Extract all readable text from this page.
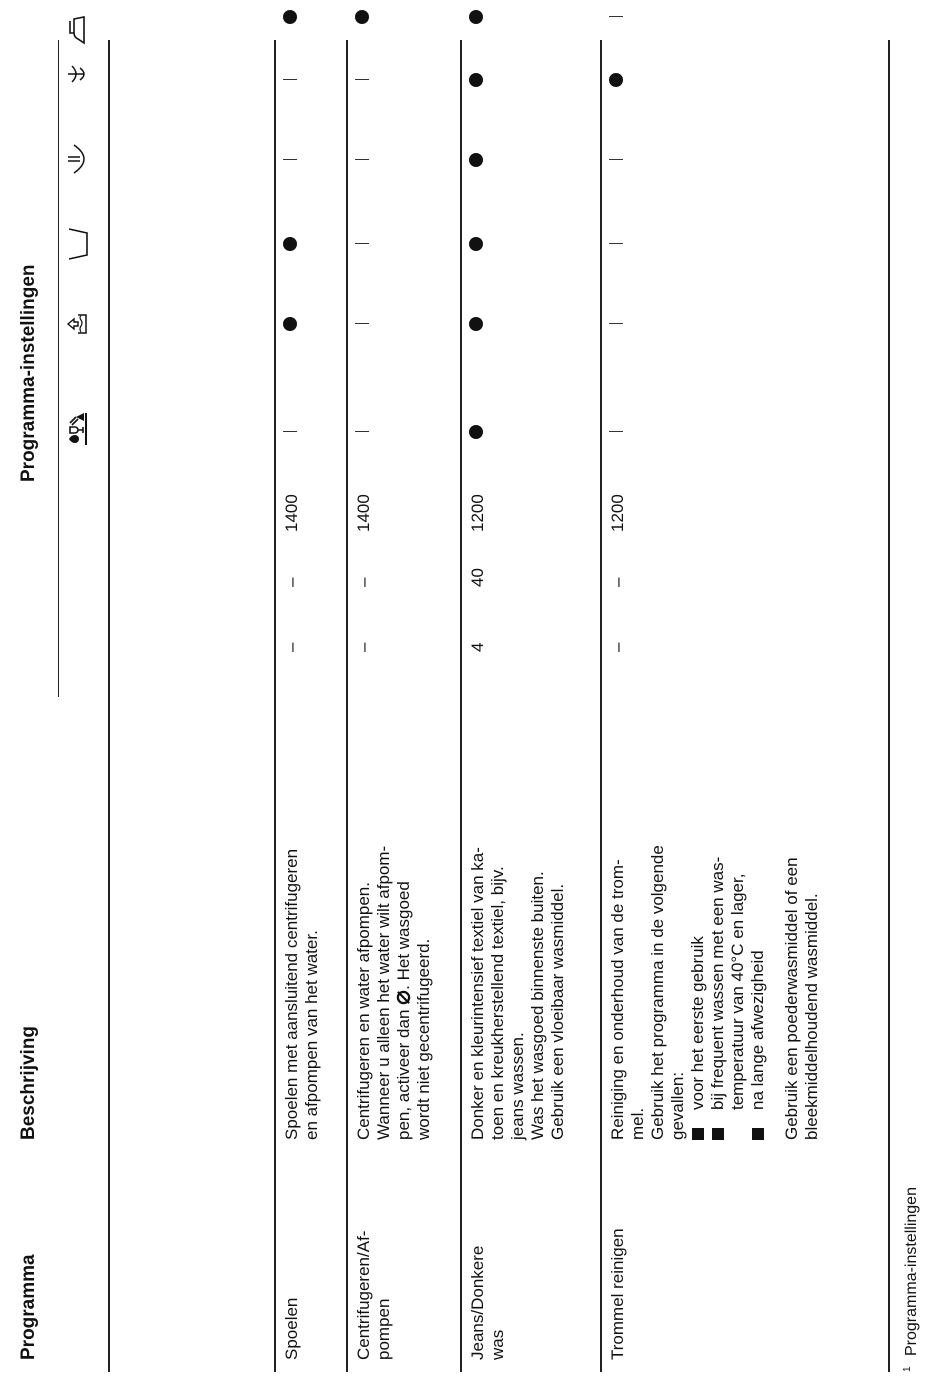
Programma
Beschrijving
Programma-instellingen
Spoelen

Spoelen met aansluitend centrifugeren en afpompen van het water.

–
–
1400
Centrifugeren/Af- pompen

Centrifugeren en water afpompen. Wanneer u alleen het water wilt afpom- pen, activeer dan . Het wasgoed

wordt niet gecentrifugeerd.

–
–
1400
Jeans/Donkere was

Donker en kleurintensief textiel van ka- toen en kreukherstellend textiel, bijv. jeans wassen. Was het wasgoed binnenste buiten. Gebruik een vloeibaar wasmiddel.

4
40
1200
Trommel reinigen

Reiniging en onderhoud van de trom- mel. Gebruik het programma in de volgende gevallen: voor het eerste gebruik bij frequent wassen met een was- temperatuur van 40°C en lager, na lange afwezigheid Gebruik een poederwasmiddel of een bleekmiddelhoudend wasmiddel.

–
–
1200
$^1$ Programma-instellingen
